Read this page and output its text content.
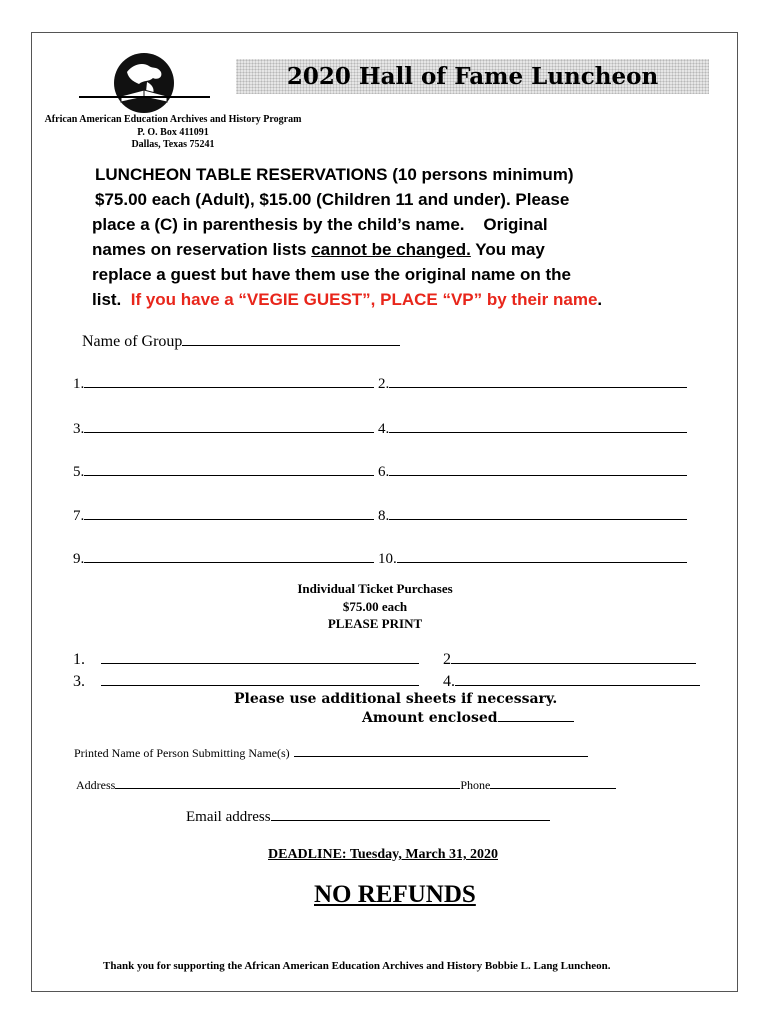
2020 Hall of Fame Luncheon
African American Education Archives and History Program
P. O. Box 411091
Dallas, Texas 75241
LUNCHEON TABLE RESERVATIONS (10 persons minimum)
$75.00 each (Adult), $15.00 (Children 11 and under). Please
place a (C) in parenthesis by the child’s name.    Original
names on reservation lists cannot be changed. You may
replace a guest but have them use the original name on the
list.  If you have a “VEGIE GUEST”, PLACE “VP” by their name.
Name of Group
1.	2.
3.	4.
5.	6.
7.	8.
9.	10.
Individual Ticket Purchases
$75.00 each
PLEASE PRINT
1.	2
3.	4.
Please use additional sheets if necessary.
Amount enclosed
Printed Name of Person Submitting Name(s)
Address	Phone
Email address
DEADLINE: Tuesday, March 31, 2020
NO REFUNDS
Thank you for supporting the African American Education Archives and History Bobbie L. Lang Luncheon.
